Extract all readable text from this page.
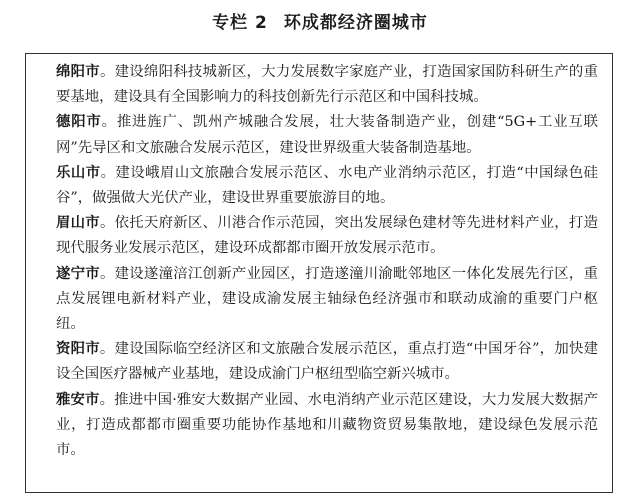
专栏 2 环成都经济圈城市
绵阳市。建设绵阳科技城新区，大力发展数字家庭产业，打造国家国防科研生产的重要基地，建设具有全国影响力的科技创新先行示范区和中国科技城。
德阳市。推进旌广、凯州产城融合发展，壮大装备制造产业，创建“5G+工业互联网”先导区和文旅融合发展示范区，建设世界级重大装备制造基地。
乐山市。建设峨眉山文旅融合发展示范区、水电产业消纳示范区，打造“中国绿色硅谷”，做强做大光伏产业，建设世界重要旅游目的地。
眉山市。依托天府新区、川港合作示范园，突出发展绿色建材等先进材料产业，打造现代服务业发展示范区，建设环成都都市圈开放发展示范市。
遂宁市。建设遂潼涪江创新产业园区，打造遂潼川渝毗邻地区一体化发展先行区，重点发展锂电新材料产业，建设成渝发展主轴绿色经济强市和联动成渝的重要门户枢纽。
资阳市。建设国际临空经济区和文旅融合发展示范区，重点打造“中国牙谷”，加快建设全国医疗器械产业基地，建设成渝门户枢纽型临空新兴城市。
雅安市。推进中国·雅安大数据产业园、水电消纳产业示范区建设，大力发展大数据产业，打造成都都市圈重要功能协作基地和川藏物资贸易集散地，建设绿色发展示范市。
